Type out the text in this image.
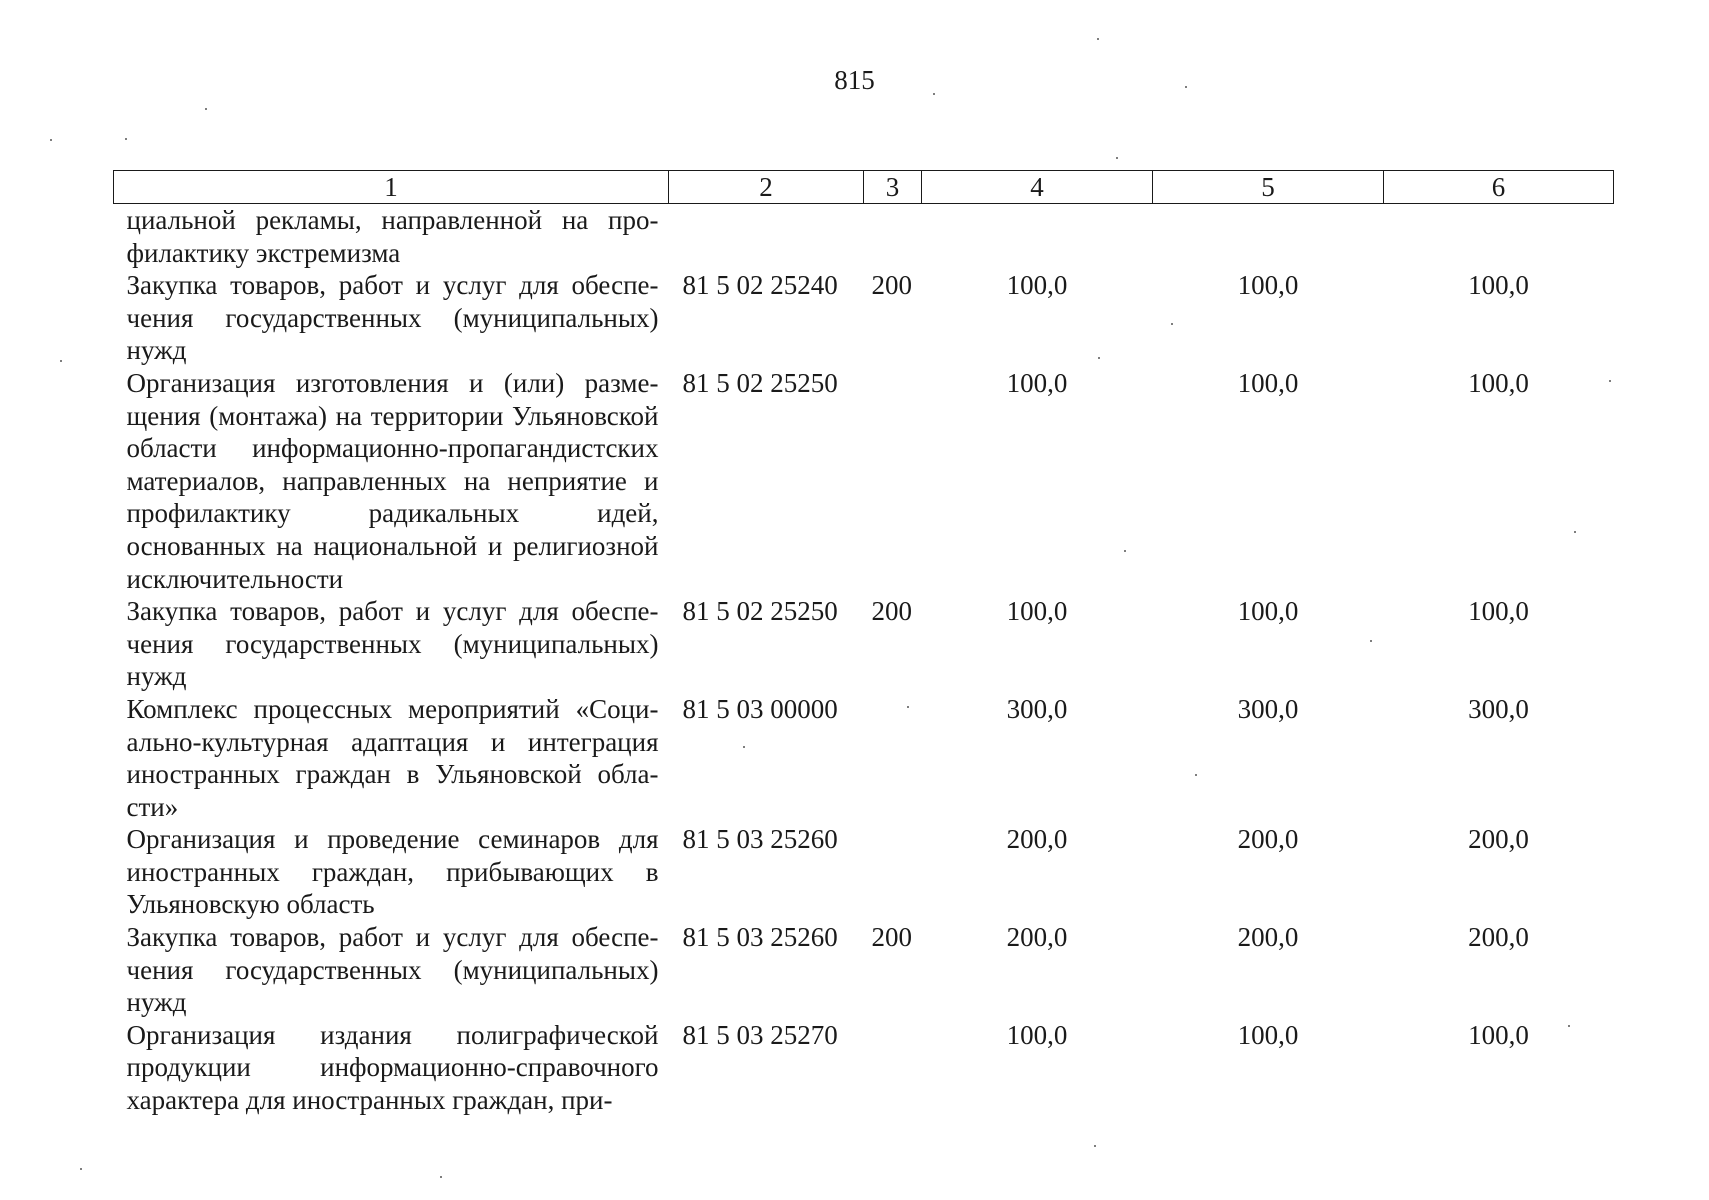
815
1	2	3	4	5	6
циальной рекламы, направленной на профилактику экстремизма					
Закупка товаров, работ и услуг для обеспечения государственных (муниципальных) нужд	81 5 02 25240	200	100,0	100,0	100,0
Организация изготовления и (или) размещения (монтажа) на территории Ульяновской области информационно-пропагандистских материалов, направленных на неприятие и профилактику радикальных идей, основанных на национальной и религиозной исключительности	81 5 02 25250		100,0	100,0	100,0
Закупка товаров, работ и услуг для обеспечения государственных (муниципальных) нужд	81 5 02 25250	200	100,0	100,0	100,0
Комплекс процессных мероприятий «Социально-культурная адаптация и интеграция иностранных граждан в Ульяновской области»	81 5 03 00000		300,0	300,0	300,0
Организация и проведение семинаров для иностранных граждан, прибывающих в Ульяновскую область	81 5 03 25260		200,0	200,0	200,0
Закупка товаров, работ и услуг для обеспечения государственных (муниципальных) нужд	81 5 03 25260	200	200,0	200,0	200,0
Организация издания полиграфической продукции информационно-справочного характера для иностранных граждан, при-	81 5 03 25270		100,0	100,0	100,0
